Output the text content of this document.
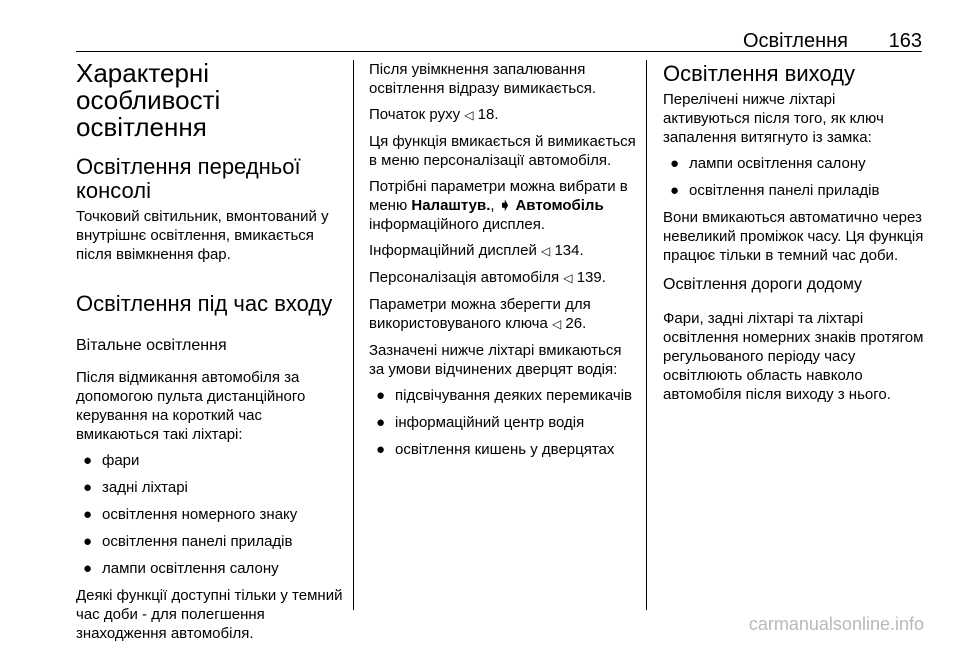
Освітлення 163
Характерні особливості освітлення
Освітлення передньої консолі
Точковий світильник, вмонтований у внутрішнє освітлення, вмикається після ввімкнення фар.
Освітлення під час входу
Вітальне освітлення
Після відмикання автомобіля за допомогою пульта дистанційного керування на короткий час вмикаються такі ліхтарі:
● фари
● задні ліхтарі
● освітлення номерного знаку
● освітлення панелі приладів
● лампи освітлення салону
Деякі функції доступні тільки у темний час доби - для полегшення знаходження автомобіля.
Після увімкнення запалювання освітлення відразу вимикається.
Початок руху ◁ 18.
Ця функція вмикається й вимикається в меню персоналізації автомобіля.
Потрібні параметри можна вибрати в меню Налаштув., ➧ Автомобіль інформаційного дисплея.
Інформаційний дисплей ◁ 134.
Персоналізація автомобіля ◁ 139.
Параметри можна зберегти для використовуваного ключа ◁ 26.
Зазначені нижче ліхтарі вмикаються за умови відчинених дверцят водія:
● підсвічування деяких перемикачів
● інформаційний центр водія
● освітлення кишень у дверцятах
Освітлення виходу
Перелічені нижче ліхтарі активуються після того, як ключ запалення витягнуто із замка:
● лампи освітлення салону
● освітлення панелі приладів
Вони вмикаються автоматично через невеликий проміжок часу. Ця функція працює тільки в темний час доби.
Освітлення дороги додому
Фари, задні ліхтарі та ліхтарі освітлення номерних знаків протягом регульованого періоду часу освітлюють область навколо автомобіля після виходу з нього.
carmanualsonline.info
